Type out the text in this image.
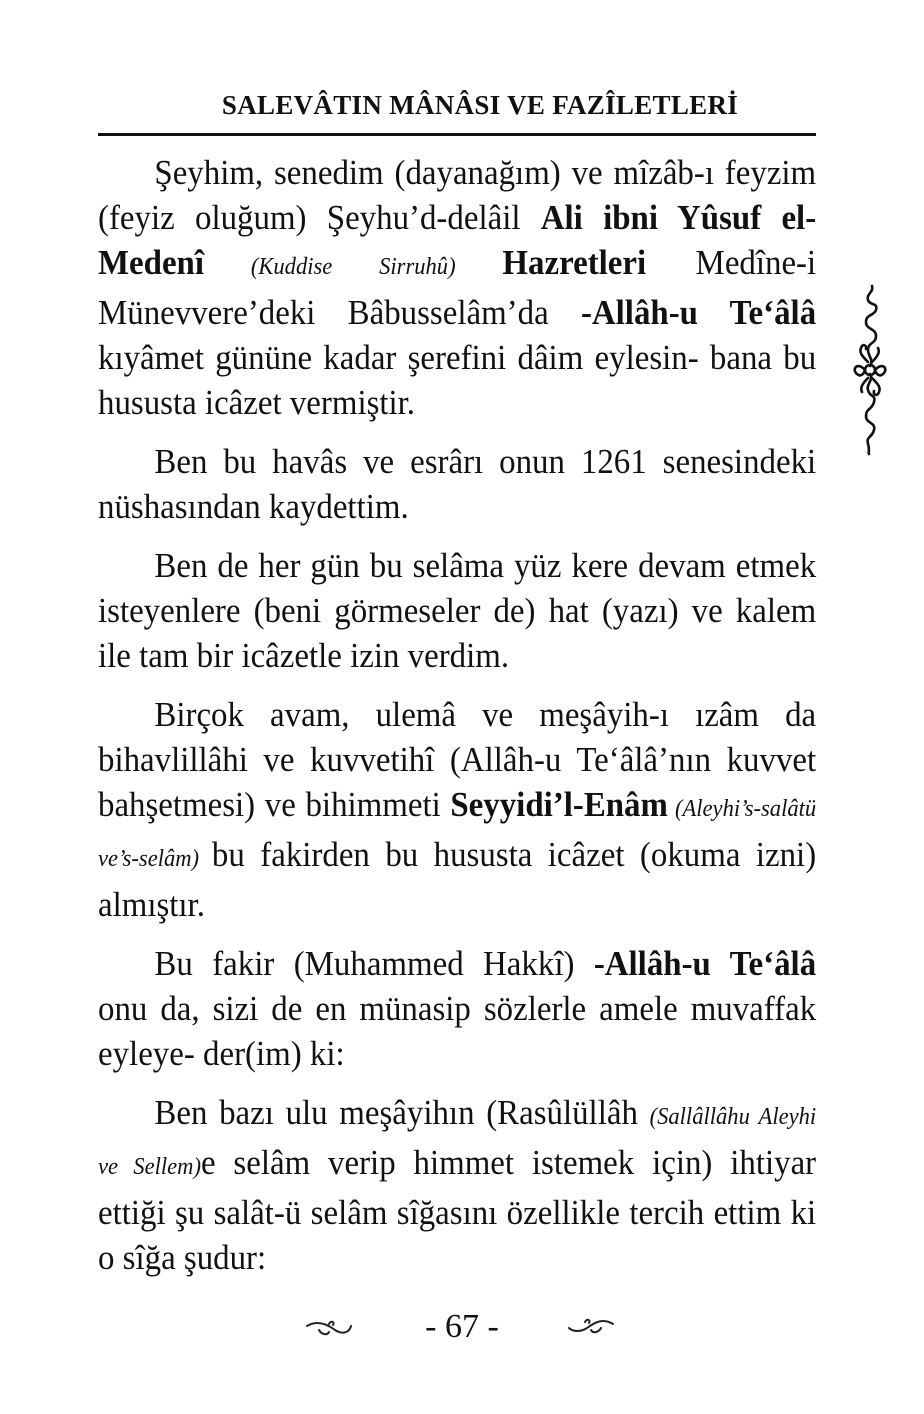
SALEVÂTIN MÂNÂSI VE FAZÎLETLERİ

Şeyhim, senedim (dayanağım) ve mîzâb-ı feyzim (feyiz oluğum) Şeyhu’d-delâil Ali ibni Yûsuf el-Medenî (Kuddise Sirruhû) Hazretleri Medîne-i Münevvere’deki Bâbusselâm’da -Allâh-u Te‘âlâ kıyâmet gününe kadar şerefini dâim eylesin- bana bu hususta icâzet vermiştir.

Ben bu havâs ve esrârı onun 1261 senesindeki nüshasından kaydettim.

Ben de her gün bu selâma yüz kere devam etmek isteyenlere (beni görmeseler de) hat (yazı) ve kalem ile tam bir icâzetle izin verdim.

Birçok avam, ulemâ ve meşâyih-ı ızâm da bihavlillâhi ve kuvvetihî (Allâh-u Te‘âlâ’nın kuvvet bahşetmesi) ve bihimmeti Seyyidi’l-Enâm (Aleyhi’s-salâtü ve’s-selâm) bu fakirden bu hususta icâzet (okuma izni) almıştır.

Bu fakir (Muhammed Hakkî) -Allâh-u Te‘âlâ onu da, sizi de en münasip sözlerle amele muvaffak eyleye- der(im) ki:

Ben bazı ulu meşâyihın (Rasûlüllâh (Sallâllâhu Aleyhi ve Sellem)e selâm verip himmet istemek için) ihtiyar ettiği şu salât-ü selâm sîğasını özellikle tercih ettim ki o sîğa şudur:

- 67 -
